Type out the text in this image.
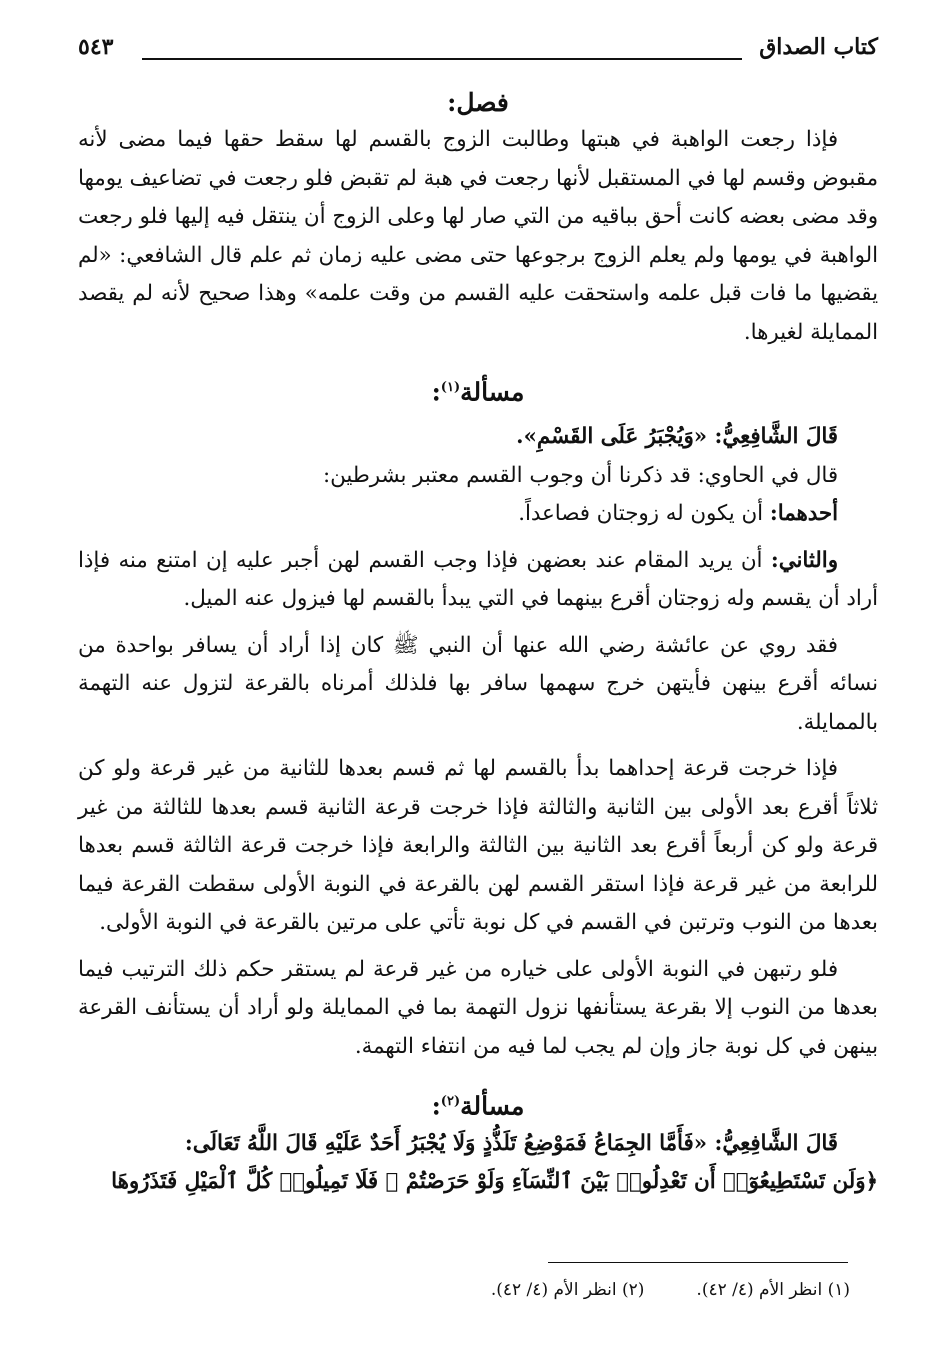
كتاب الصداق
٥٤٣
فصل:

فإذا رجعت الواهبة في هبتها وطالبت الزوج بالقسم لها سقط حقها فيما مضى لأنه مقبوض وقسم لها في المستقبل لأنها رجعت في هبة لم تقبض فلو رجعت في تضاعيف يومها وقد مضى بعضه كانت أحق بباقيه من التي صار لها وعلى الزوج أن ينتقل فيه إليها فلو رجعت الواهبة في يومها ولم يعلم الزوج برجوعها حتى مضى عليه زمان ثم علم قال الشافعي: «لم يقضيها ما فات قبل علمه واستحقت عليه القسم من وقت علمه» وهذا صحيح لأنه لم يقصد الممايلة لغيرها.

مسألة$^{(١)}$:

قَالَ الشَّافِعِيُّ: «وَيُجْبَرُ عَلَى القَسْمِ».

قال في الحاوي: قد ذكرنا أن وجوب القسم معتبر بشرطين:

أحدهما: أن يكون له زوجتان فصاعداً.

والثاني: أن يريد المقام عند بعضهن فإذا وجب القسم لهن أجبر عليه إن امتنع منه فإذا أراد أن يقسم وله زوجتان أقرع بينهما في التي يبدأ بالقسم لها فيزول عنه الميل.

فقد روي عن عائشة رضي الله عنها أن النبي ﷺ كان إذا أراد أن يسافر بواحدة من نسائه أقرع بينهن فأيتهن خرج سهمها سافر بها فلذلك أمرناه بالقرعة لتزول عنه التهمة بالممايلة.

فإذا خرجت قرعة إحداهما بدأ بالقسم لها ثم قسم بعدها للثانية من غير قرعة ولو كن ثلاثاً أقرع بعد الأولى بين الثانية والثالثة فإذا خرجت قرعة الثانية قسم بعدها للثالثة من غير قرعة ولو كن أربعاً أقرع بعد الثانية بين الثالثة والرابعة فإذا خرجت قرعة الثالثة قسم بعدها للرابعة من غير قرعة فإذا استقر القسم لهن بالقرعة في النوبة الأولى سقطت القرعة فيما بعدها من النوب وترتبن في القسم في كل نوبة تأتي على مرتين بالقرعة في النوبة الأولى.

فلو رتبهن في النوبة الأولى على خياره من غير قرعة لم يستقر حكم ذلك الترتيب فيما بعدها من النوب إلا بقرعة يستأنفها نزول التهمة بما في الممايلة ولو أراد أن يستأنف القرعة بينهن في كل نوبة جاز وإن لم يجب لما فيه من انتفاء التهمة.

مسألة$^{(٢)}$:

قَالَ الشَّافِعِيُّ: «فَأَمَّا الجِمَاعُ فَمَوْضِعُ تَلَذُّذٍ وَلَا يُجْبَرُ أَحَدٌ عَلَيْهِ قَالَ اللَّهُ تَعَالَى:

﴿وَلَن تَسْتَطِيعُوٓا۟ أَن تَعْدِلُوا۟ بَيْنَ ٱلنِّسَآءِ وَلَوْ حَرَصْتُمْ ۖ فَلَا تَمِيلُوا۟ كُلَّ ٱلْمَيْلِ فَتَذَرُوهَا

(١) انظر الأم (٤/ ٤٢).
(٢) انظر الأم (٤/ ٤٢).
